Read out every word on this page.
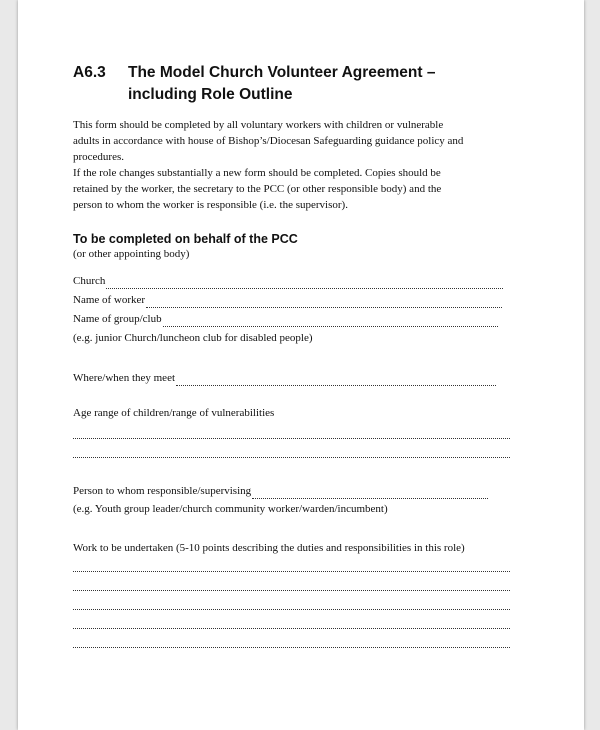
A6.3 The Model Church Volunteer Agreement –
including Role Outline
This form should be completed by all voluntary workers with children or vulnerable
adults in accordance with house of Bishop’s/Diocesan Safeguarding guidance policy and
procedures.
If the role changes substantially a new form should be completed. Copies should be
retained by the worker, the secretary to the PCC (or other responsible body) and the
person to whom the worker is responsible (i.e. the supervisor).
To be completed on behalf of the PCC
(or other appointing body)
Church
Name of worker
Name of group/club
(e.g. junior Church/luncheon club for disabled people)
Where/when they meet
Age range of children/range of vulnerabilities
Person to whom responsible/supervising
(e.g. Youth group leader/church community worker/warden/incumbent)
Work to be undertaken (5-10 points describing the duties and responsibilities in this role)
